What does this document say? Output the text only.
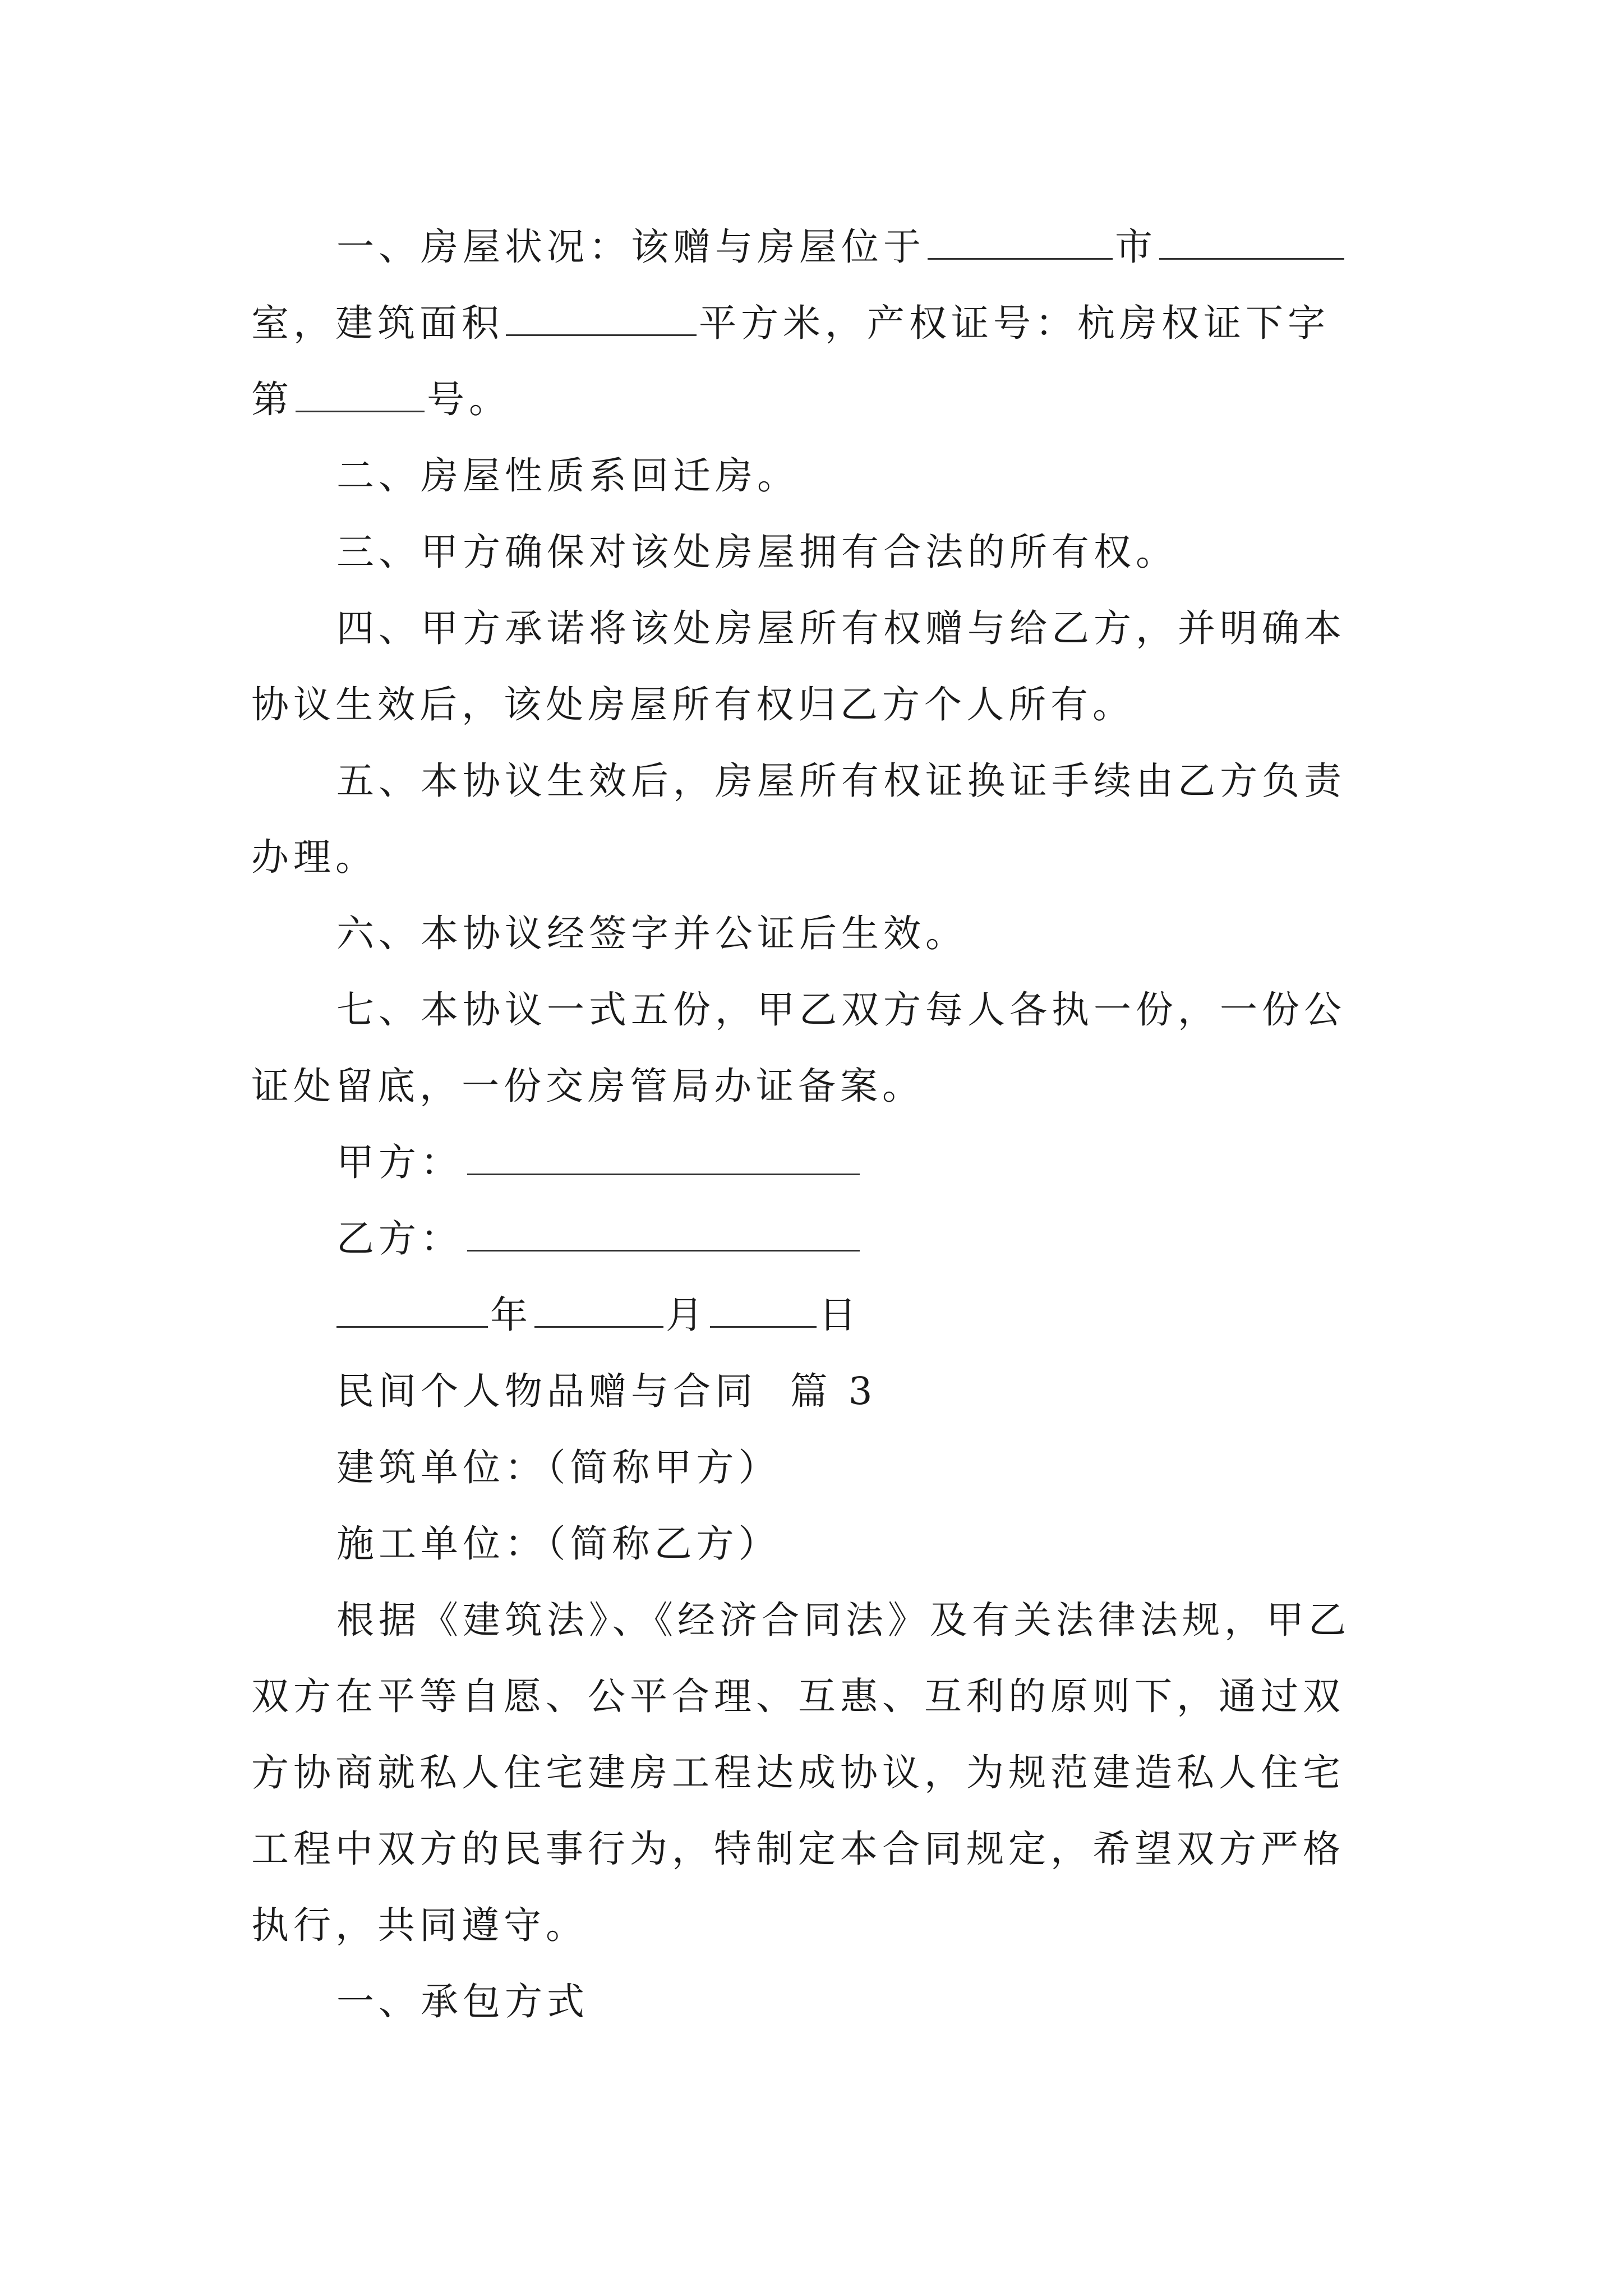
一、房屋状况：该赠与房屋位于	市
室，建筑面积	平方米，产权证号：杭房权证下字
第	号。
二、房屋性质系回迁房。
三、甲方确保对该处房屋拥有合法的所有权。
四、甲方承诺将该处房屋所有权赠与给乙方，并明确本
协议生效后，该处房屋所有权归乙方个人所有。
五、本协议生效后，房屋所有权证换证手续由乙方负责
办理。
六、本协议经签字并公证后生效。
七、本协议一式五份，甲乙双方每人各执一份，一份公
证处留底，一份交房管局办证备案。
甲方：
乙方：
年	月	日
民间个人物品赠与合同  篇 3
建筑单位：（简称甲方）
施工单位：（简称乙方）
根据《建筑法》、《经济合同法》及有关法律法规，甲乙
双方在平等自愿、公平合理、互惠、互利的原则下，通过双
方协商就私人住宅建房工程达成协议，为规范建造私人住宅
工程中双方的民事行为，特制定本合同规定，希望双方严格
执行，共同遵守。
一、承包方式
